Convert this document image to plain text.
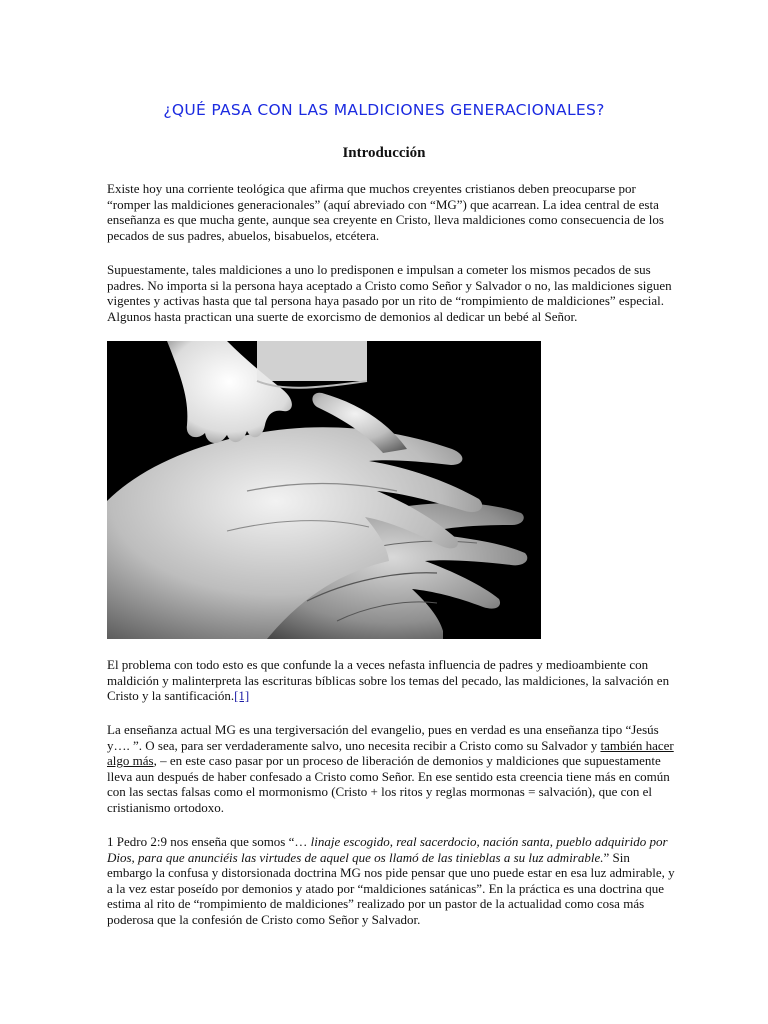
¿QUÉ PASA CON LAS MALDICIONES GENERACIONALES?
Introducción

Existe hoy una corriente teológica que afirma que muchos creyentes cristianos deben preocuparse por
“romper las maldiciones generacionales” (aquí abreviado con “MG”) que acarrean. La idea central de esta
enseñanza es que mucha gente, aunque sea creyente en Cristo, lleva maldiciones como consecuencia de los
pecados de sus padres, abuelos, bisabuelos, etcétera.

Supuestamente, tales maldiciones a uno lo predisponen e impulsan a cometer los mismos pecados de sus
padres. No importa si la persona haya aceptado a Cristo como Señor y Salvador o no, las maldiciones siguen
vigentes y activas hasta que tal persona haya pasado por un rito de “rompimiento de maldiciones” especial.
Algunos hasta practican una suerte de exorcismo de demonios al dedicar un bebé al Señor.

El problema con todo esto es que confunde la a veces nefasta influencia de padres y medioambiente con
maldición y malinterpreta las escrituras bíblicas sobre los temas del pecado, las maldiciones, la salvación en
Cristo y la santificación.[1]

La enseñanza actual MG es una tergiversación del evangelio, pues en verdad es una enseñanza tipo “Jesús
y…. ”. O sea, para ser verdaderamente salvo, uno necesita recibir a Cristo como su Salvador y también hacer
algo más, – en este caso pasar por un proceso de liberación de demonios y maldiciones que supuestamente
lleva aun después de haber confesado a Cristo como Señor. En ese sentido esta creencia tiene más en común
con las sectas falsas como el mormonismo (Cristo + los ritos y reglas mormonas = salvación), que con el
cristianismo ortodoxo.

1 Pedro 2:9 nos enseña que somos “… linaje escogido, real sacerdocio, nación santa, pueblo adquirido por
Dios, para que anunciéis las virtudes de aquel que os llamó de las tinieblas a su luz admirable.” Sin
embargo la confusa y distorsionada doctrina MG nos pide pensar que uno puede estar en esa luz admirable, y
a la vez estar poseído por demonios y atado por “maldiciones satánicas”. En la práctica es una doctrina que
estima al rito de “rompimiento de maldiciones” realizado por un pastor de la actualidad como cosa más
poderosa que la confesión de Cristo como Señor y Salvador.
